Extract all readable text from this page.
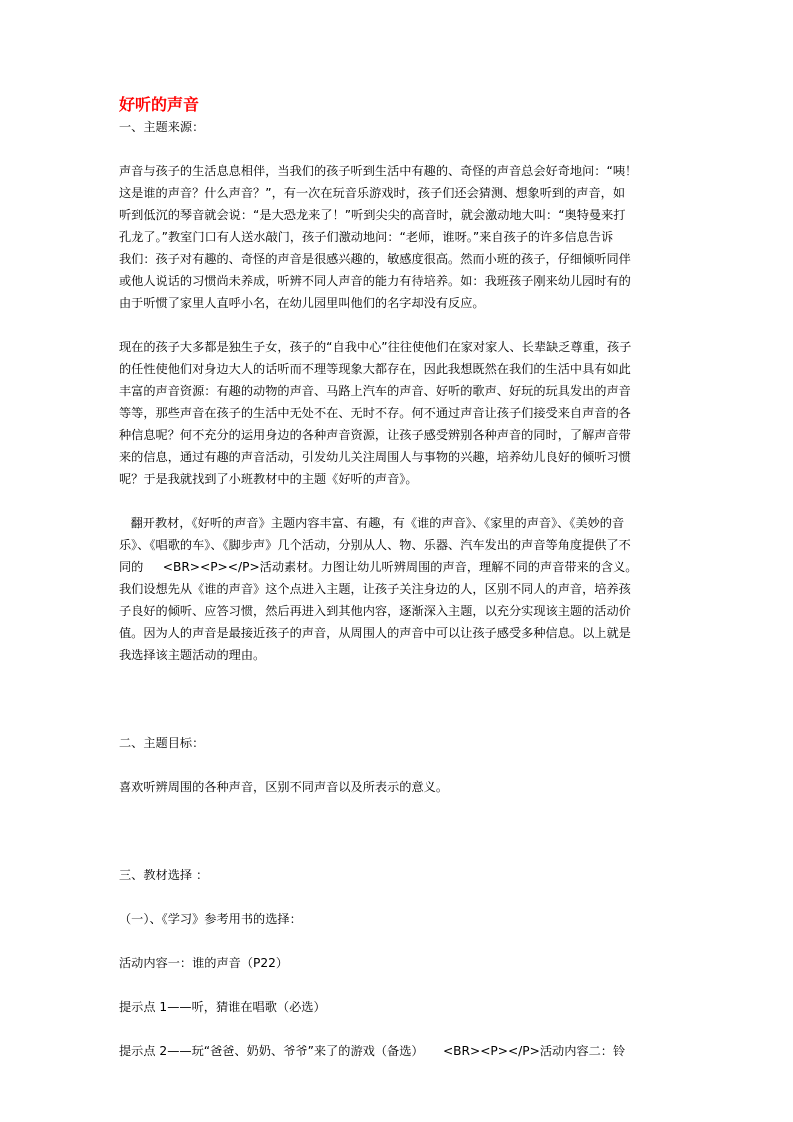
好听的声音
一、主题来源：
声音与孩子的生活息息相伴，当我们的孩子听到生活中有趣的、奇怪的声音总会好奇地问：“咦！
这是谁的声音？什么声音？”，有一次在玩音乐游戏时，孩子们还会猜测、想象听到的声音，如
听到低沉的琴音就会说：“是大恐龙来了！”听到尖尖的高音时，就会激动地大叫：“奥特曼来打
孔龙了。”教室门口有人送水敲门，孩子们激动地问：“老师，谁呀。”来自孩子的许多信息告诉
我们：孩子对有趣的、奇怪的声音是很感兴趣的，敏感度很高。然而小班的孩子，仔细倾听同伴
或他人说话的习惯尚未养成，听辨不同人声音的能力有待培养。如：我班孩子刚来幼儿园时有的
由于听惯了家里人直呼小名，在幼儿园里叫他们的名字却没有反应。
现在的孩子大多都是独生子女，孩子的“自我中心”往往使他们在家对家人、长辈缺乏尊重，孩子
的任性使他们对身边大人的话听而不理等现象大都存在，因此我想既然在我们的生活中具有如此
丰富的声音资源：有趣的动物的声音、马路上汽车的声音、好听的歌声、好玩的玩具发出的声音
等等，那些声音在孩子的生活中无处不在、无时不存。何不通过声音让孩子们接受来自声音的各
种信息呢？何不充分的运用身边的各种声音资源，让孩子感受辨别各种声音的同时，了解声音带
来的信息，通过有趣的声音活动，引发幼儿关注周围人与事物的兴趣，培养幼儿良好的倾听习惯
呢？于是我就找到了小班教材中的主题《好听的声音》。
翻开教材，《好听的声音》主题内容丰富、有趣，有《谁的声音》、《家里的声音》、《美妙的音
乐》、《唱歌的车》、《脚步声》几个活动，分别从人、物、乐器、汽车发出的声音等角度提供了不
同的     <BR><P></P>活动素材。力图让幼儿听辨周围的声音，理解不同的声音带来的含义。
我们设想先从《谁的声音》这个点进入主题，让孩子关注身边的人，区别不同人的声音，培养孩
子良好的倾听、应答习惯，然后再进入到其他内容，逐渐深入主题，以充分实现该主题的活动价
值。因为人的声音是最接近孩子的声音，从周围人的声音中可以让孩子感受多种信息。以上就是
我选择该主题活动的理由。
二、主题目标：
喜欢听辨周围的各种声音，区别不同声音以及所表示的意义。
三、教材选择 ：
（一）、《学习》参考用书的选择：
活动内容一：谁的声音（P22）
提示点 1——听，猜谁在唱歌（必选）
提示点 2——玩“爸爸、奶奶、爷爷”来了的游戏（备选）     <BR><P></P>活动内容二：铃
